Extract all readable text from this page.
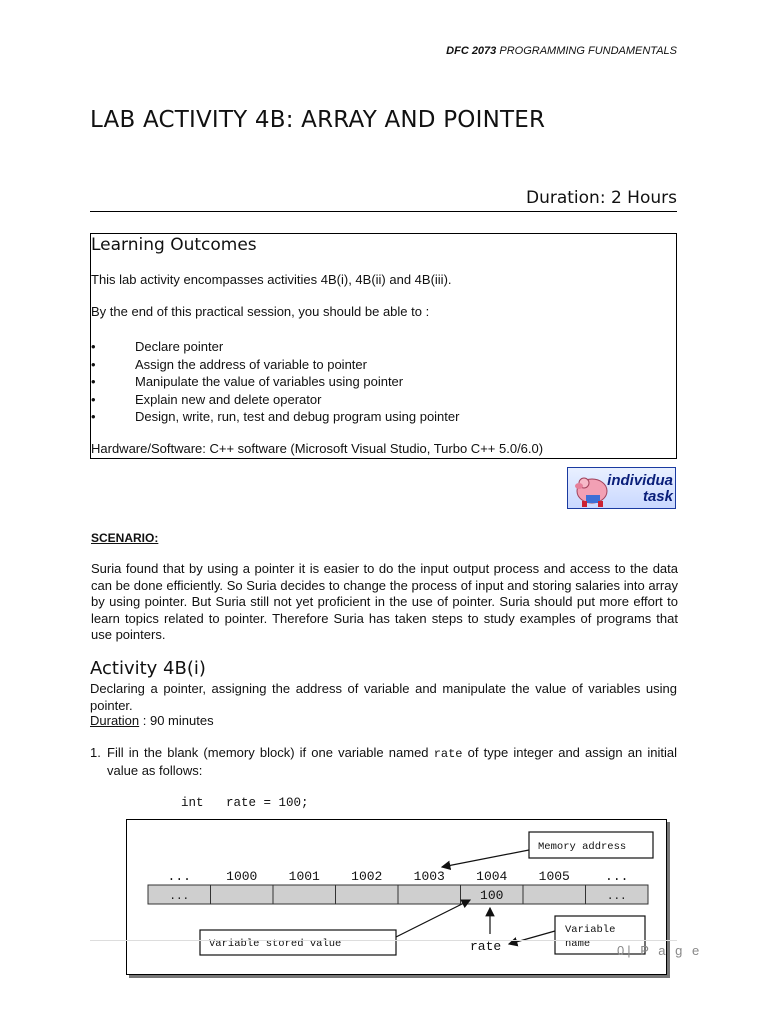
DFC 2073 PROGRAMMING FUNDAMENTALS
LAB ACTIVITY 4B: ARRAY AND POINTER
Duration: 2 Hours
Learning Outcomes
This lab activity encompasses activities 4B(i), 4B(ii) and 4B(iii).
By the end of this practical session, you should be able to :
•	Declare pointer
•	Assign the address of variable to pointer
•	Manipulate the value of variables using pointer
•	Explain new and delete operator
•	Design, write, run, test and debug program using pointer
Hardware/Software: C++ software (Microsoft Visual Studio, Turbo C++ 5.0/6.0)
individua
task
SCENARIO:
Suria found that by using a pointer it is easier to do the input output process and access to the data can be done efficiently. So Suria decides to change the process of input and storing salaries into array by using pointer. But Suria still not yet proficient in the use of pointer. Suria should put more effort to learn topics related to pointer. Therefore Suria has taken steps to study examples of programs that use pointers.
Activity 4B(i)
Declaring a pointer, assigning the address of variable and manipulate the value of variables using pointer.
Duration : 90 minutes
1. Fill in the blank (memory block) if one variable named rate of type integer and assign an initial value as follows:
int   rate = 100;
...	100	...
...	1000 1001 1002 1003 1004 1005	...
Memory address
Variable stored value
Variable
name
rate	0| P a g e
